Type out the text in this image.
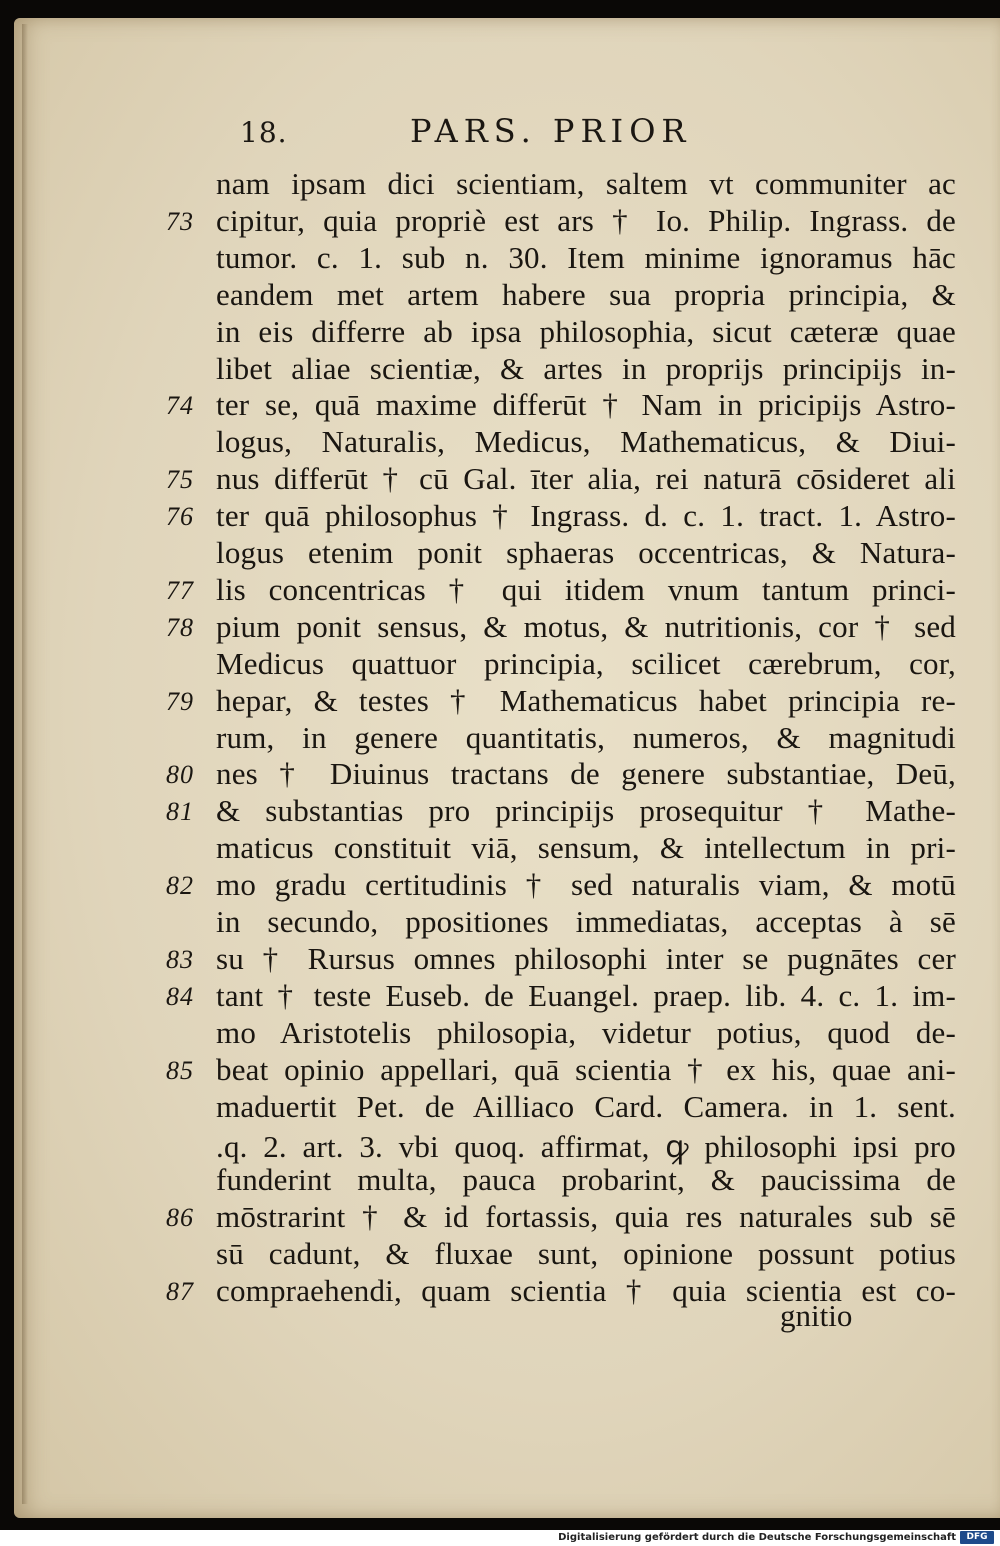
18.	PARS. PRIOR
nam ipsam dici scientiam, saltem vt communiter ac
73 cipitur, quia propriè est ars † Io. Philip. Ingrass. de
tumor. c. 1. sub n. 30. Item minime ignoramus hāc
eandem met artem habere sua propria principia, &
in eis differre ab ipsa philosophia, sicut cæteræ quae
libet aliae scientiæ, & artes in proprijs principijs in-
74 ter se, quā maxime differūt † Nam in pricipijs Astro-
logus, Naturalis, Medicus, Mathematicus, & Diui-
75 nus differūt † cū Gal. īter alia, rei naturā cōsideret ali
76 ter quā philosophus † Ingrass. d. c. 1. tract. 1. Astro-
logus etenim ponit sphaeras occentricas, & Natura-
77 lis concentricas † qui itidem vnum tantum princi-
78 pium ponit sensus, & motus, & nutritionis, cor † sed
Medicus quattuor principia, scilicet cærebrum, cor,
79 hepar, & testes † Mathematicus habet principia re-
rum, in genere quantitatis, numeros, & magnitudi
80 nes † Diuinus tractans de genere substantiae, Deū,
81 & substantias pro principijs prosequitur † Mathe-
maticus constituit viā, sensum, & intellectum in pri-
82 mo gradu certitudinis † sed naturalis viam, & motū
in secundo, ppositiones immediatas, acceptas à sē
83 su † Rursus omnes philosophi inter se pugnātes cer
84 tant † teste Euseb. de Euangel. praep. lib. 4. c. 1. im-
mo Aristotelis philosopia, videtur potius, quod de-
85 beat opinio appellari, quā scientia † ex his, quae ani-
maduertit Pet. de Ailliaco Card. Camera. in 1. sent.
.q. 2. art. 3. vbi quoq. affirmat, ꝙ philosophi ipsi pro
funderint multa, pauca probarint, & paucissima de
86 mōstrarint † & id fortassis, quia res naturales sub sē
sū cadunt, & fluxae sunt, opinione possunt potius
87 compraehendi, quam scientia † quia scientia est co-
gnitio
Digitalisierung gefördert durch die Deutsche Forschungsgemeinschaft	DFG
